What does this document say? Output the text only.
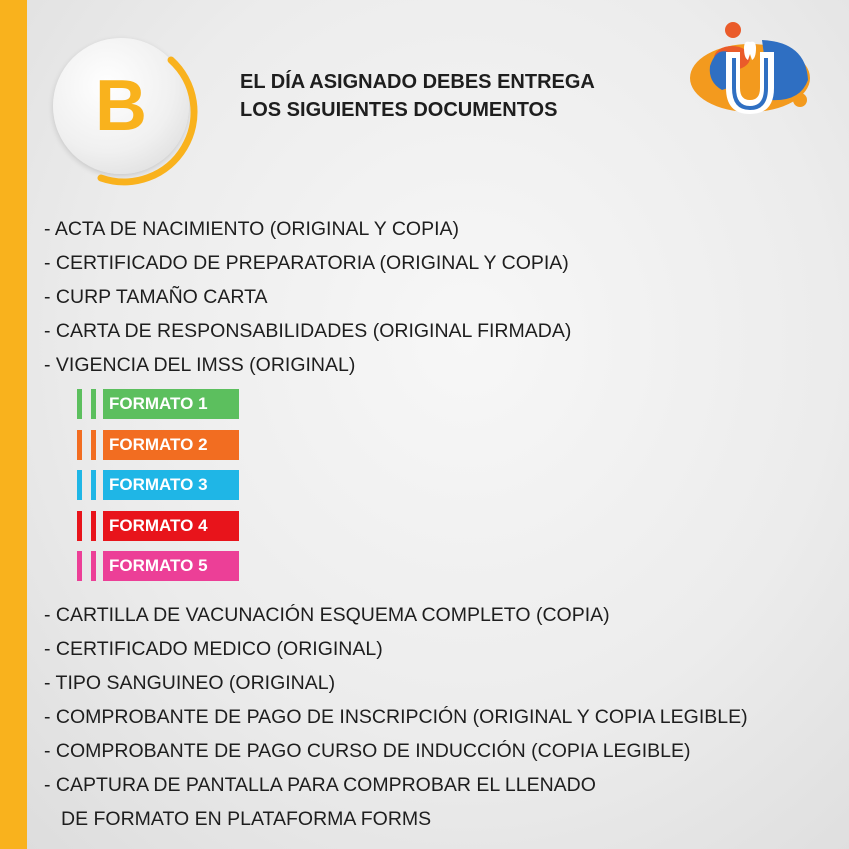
B	EL DÍA ASIGNADO DEBES ENTREGA
LOS SIGUIENTES DOCUMENTOS
- ACTA DE NACIMIENTO (ORIGINAL Y COPIA)
- CERTIFICADO DE PREPARATORIA (ORIGINAL Y COPIA)
- CURP TAMAÑO CARTA
- CARTA DE RESPONSABILIDADES (ORIGINAL FIRMADA)
- VIGENCIA DEL IMSS (ORIGINAL)
FORMATO 1
FORMATO 2
FORMATO 3
FORMATO 4
FORMATO 5
- CARTILLA DE VACUNACIÓN ESQUEMA COMPLETO (COPIA)
- CERTIFICADO MEDICO (ORIGINAL)
- TIPO SANGUINEO (ORIGINAL)
- COMPROBANTE DE PAGO DE INSCRIPCIÓN (ORIGINAL Y COPIA LEGIBLE)
- COMPROBANTE DE PAGO CURSO DE INDUCCIÓN (COPIA LEGIBLE)
- CAPTURA DE PANTALLA PARA COMPROBAR EL LLENADO
DE FORMATO EN PLATAFORMA FORMS
